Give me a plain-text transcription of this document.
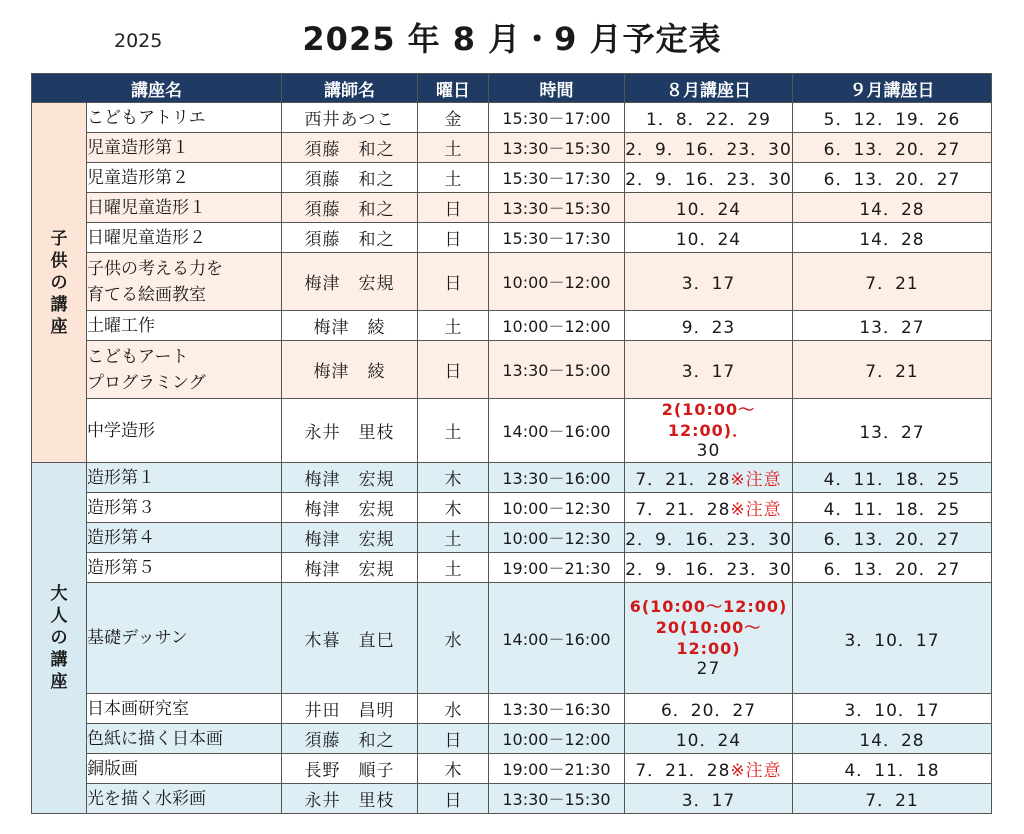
2025	2025 年 8 月・9 月予定表
講座名		講師名	曜日	時間	８月講座日	９月講座日
子供の講座	こどもアトリエ	西井あつこ	金	15:30－17:00	1．8．22．29	5．12．19．26
	児童造形第１	須藤　和之	土	13:30－15:30	2．9．16．23．30	6．13．20．27
	児童造形第２	須藤　和之	土	15:30－17:30	2．9．16．23．30	6．13．20．27
	日曜児童造形１	須藤　和之	日	13:30－15:30	10．24	14．28
	日曜児童造形２	須藤　和之	日	15:30－17:30	10．24	14．28

	子供の考える力を
育てる絵画教室	梅津　宏規	日	10:00－12:00	3．17	7．21
	土曜工作	梅津　綾	土	10:00－12:00	9．23	13．27

	こどもアート
プログラミング	梅津　綾	日	13:30－15:00	3．17	7．21
	中学造形	永井　里枝	土	14:00－16:00	2(10:00～12:00)．
30	13．27
大人の講座	造形第１	梅津　宏規	木	13:30－16:00	7．21．28※注意	4．11．18．25
	造形第３	梅津　宏規	木	10:00－12:30	7．21．28※注意	4．11．18．25
	造形第４	梅津　宏規	土	10:00－12:30	2．9．16．23．30	6．13．20．27
	造形第５	梅津　宏規	土	19:00－21:30	2．9．16．23．30	6．13．20．27
	基礎デッサン	木暮　直巳	水	14:00－16:00	6(10:00～12:00)
20(10:00～
12:00)
27	3．10．17
	日本画研究室	井田　昌明	水	13:30－16:30	6．20．27	3．10．17
	色紙に描く日本画	須藤　和之	日	10:00－12:00	10．24	14．28
	銅版画	長野　順子	木	19:00－21:30	7．21．28※注意	4．11．18
	光を描く水彩画	永井　里枝	日	13:30－15:30	3．17	7．21
